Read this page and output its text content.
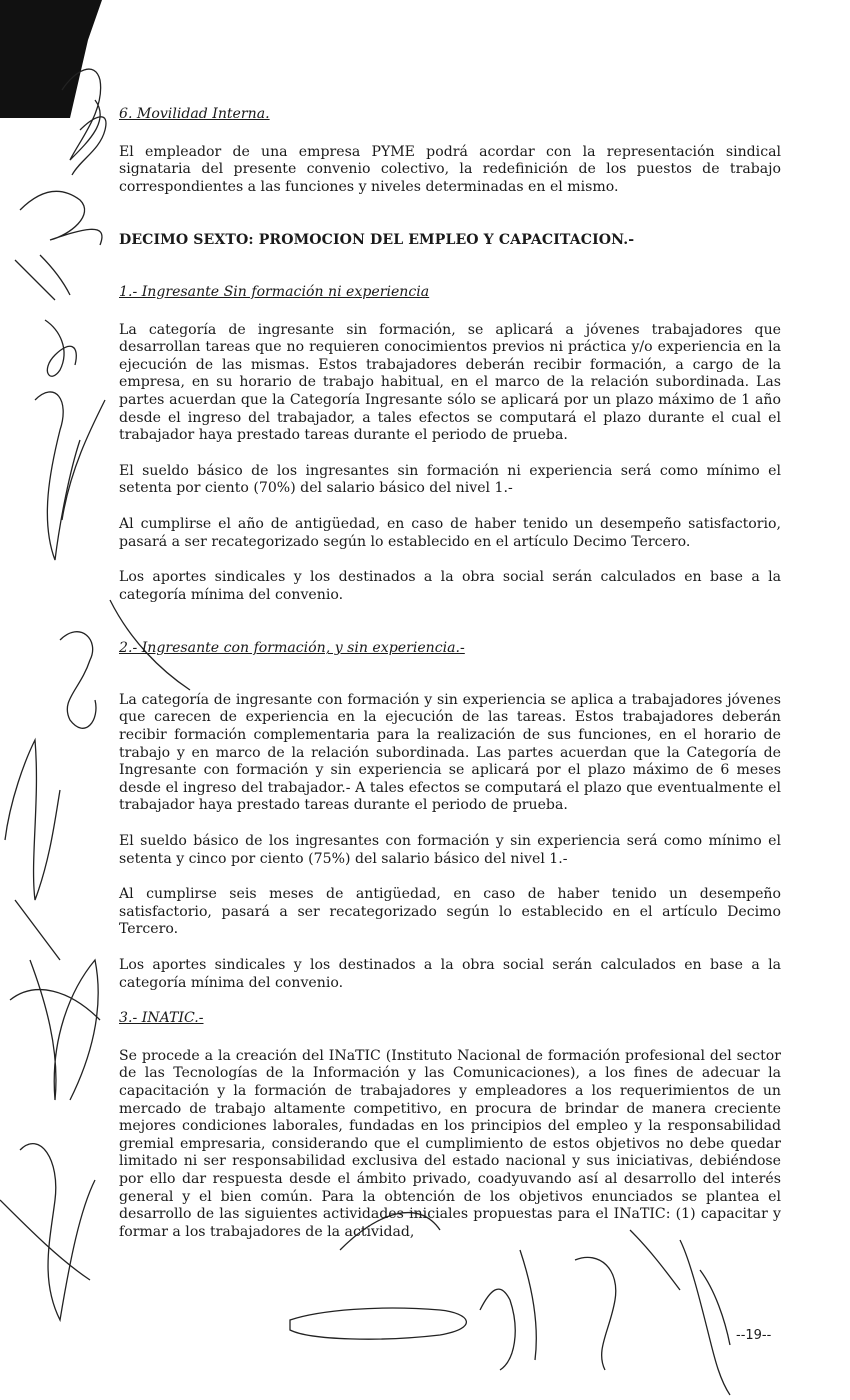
6. Movilidad Interna.

El empleador de una empresa PYME podrá acordar con la representación sindical signataria del presente convenio colectivo, la redefinición de los puestos de trabajo correspondientes a las funciones y niveles determinadas en el mismo.

DECIMO SEXTO: PROMOCION DEL EMPLEO Y CAPACITACION.-

1.- Ingresante Sin formación ni experiencia

La categoría de ingresante sin formación, se aplicará a jóvenes trabajadores que desarrollan tareas que no requieren conocimientos previos ni práctica y/o experiencia en la ejecución de las mismas. Estos trabajadores deberán recibir formación, a cargo de la empresa, en su horario de trabajo habitual, en el marco de la relación subordinada. Las partes acuerdan que la Categoría Ingresante sólo se aplicará por un plazo máximo de 1 año desde el ingreso del trabajador, a tales efectos se computará el plazo durante el cual el trabajador haya prestado tareas durante el periodo de prueba.

El sueldo básico de los ingresantes sin formación ni experiencia será como mínimo el setenta por ciento (70%) del salario básico del nivel 1.-

Al cumplirse el año de antigüedad, en caso de haber tenido un desempeño satisfactorio, pasará a ser recategorizado según lo establecido en el artículo Decimo Tercero.

Los aportes sindicales y los destinados a la obra social serán calculados en base a la categoría mínima del convenio.

2.- Ingresante con formación, y sin experiencia.-

La categoría de ingresante con formación y sin experiencia se aplica a trabajadores jóvenes que carecen de experiencia en la ejecución de las tareas. Estos trabajadores deberán recibir formación complementaria para la realización de sus funciones, en el horario de trabajo y en marco de la relación subordinada. Las partes acuerdan que la Categoría de Ingresante con formación y sin experiencia se aplicará por el plazo máximo de 6 meses desde el ingreso del trabajador.- A tales efectos se computará el plazo que eventualmente el trabajador haya prestado tareas durante el periodo de prueba.

El sueldo básico de los ingresantes con formación y sin experiencia será como mínimo el setenta y cinco por ciento (75%) del salario básico del nivel 1.-

Al cumplirse seis meses de antigüedad, en caso de haber tenido un desempeño satisfactorio, pasará a ser recategorizado según lo establecido en el artículo Decimo Tercero.

Los aportes sindicales y los destinados a la obra social serán calculados en base a la categoría mínima del convenio.

3.- INATIC.-

Se procede a la creación del INaTIC (Instituto Nacional de formación profesional del sector de las Tecnologías de la Información y las Comunicaciones), a los fines de adecuar la capacitación y la formación de trabajadores y empleadores a los requerimientos de un mercado de trabajo altamente competitivo, en procura de brindar de manera creciente mejores condiciones laborales, fundadas en los principios del empleo y la responsabilidad gremial empresaria, considerando que el cumplimiento de estos objetivos no debe quedar limitado ni ser responsabilidad exclusiva del estado nacional y sus iniciativas, debiéndose por ello dar respuesta desde el ámbito privado, coadyuvando así al desarrollo del interés general y el bien común. Para la obtención de los objetivos enunciados se plantea el desarrollo de las siguientes actividades iniciales propuestas para el INaTIC: (1) capacitar y formar a los trabajadores de la actividad,

--19--
